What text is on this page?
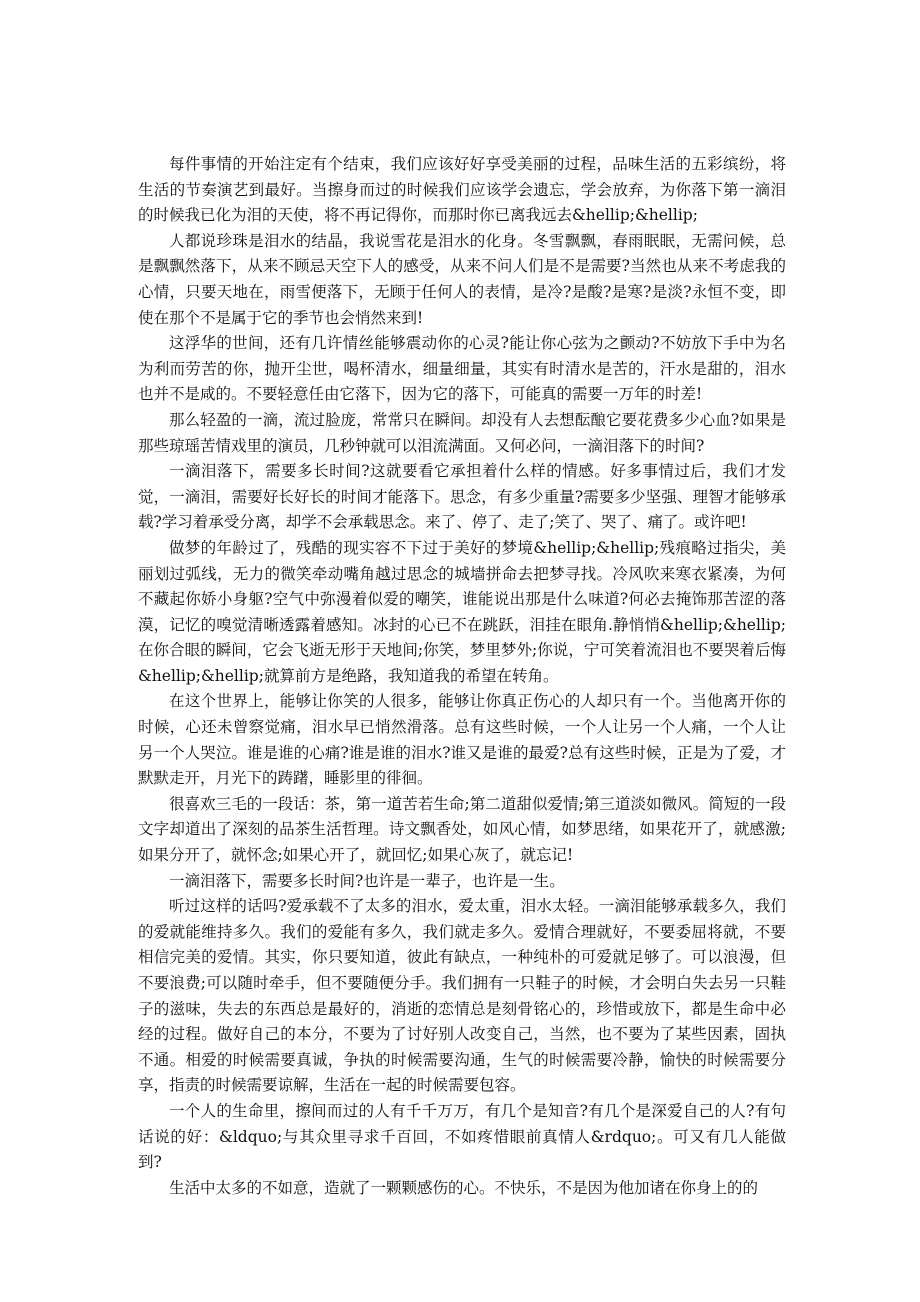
每件事情的开始注定有个结束，我们应该好好享受美丽的过程，品味生活的五彩缤纷，将生活的节奏演艺到最好。当擦身而过的时候我们应该学会遗忘，学会放弃，为你落下第一滴泪的时候我已化为泪的天使，将不再记得你，而那时你已离我远去&hellip;&hellip;

人都说珍珠是泪水的结晶，我说雪花是泪水的化身。冬雪飘飘，春雨眠眠，无需问候，总是飘飘然落下，从来不顾忌天空下人的感受，从来不问人们是不是需要?当然也从来不考虑我的心情，只要天地在，雨雪便落下，无顾于任何人的表情，是冷?是酸?是寒?是淡?永恒不变，即使在那个不是属于它的季节也会悄然来到!

这浮华的世间，还有几许情丝能够震动你的心灵?能让你心弦为之颤动?不妨放下手中为名为利而劳苦的你，抛开尘世，喝杯清水，细量细量，其实有时清水是苦的，汗水是甜的，泪水也并不是咸的。不要轻意任由它落下，因为它的落下，可能真的需要一万年的时差!

那么轻盈的一滴，流过脸庞，常常只在瞬间。却没有人去想酝酿它要花费多少心血?如果是那些琼瑶苦情戏里的演员，几秒钟就可以泪流满面。又何必问，一滴泪落下的时间?

一滴泪落下，需要多长时间?这就要看它承担着什么样的情感。好多事情过后，我们才发觉，一滴泪，需要好长好长的时间才能落下。思念，有多少重量?需要多少坚强、理智才能够承载?学习着承受分离，却学不会承载思念。来了、停了、走了;笑了、哭了、痛了。或许吧!

做梦的年龄过了，残酷的现实容不下过于美好的梦境&hellip;&hellip;残痕略过指尖，美丽划过弧线，无力的微笑牵动嘴角越过思念的城墙拼命去把梦寻找。冷风吹来寒衣紧凑，为何不藏起你娇小身躯?空气中弥漫着似爱的嘲笑，谁能说出那是什么味道?何必去掩饰那苦涩的落漠，记忆的嗅觉清晰透露着感知。冰封的心已不在跳跃，泪挂在眼角.静悄悄&hellip;&hellip;在你合眼的瞬间，它会飞逝无形于天地间;你笑，梦里梦外;你说，宁可笑着流泪也不要哭着后悔&hellip;&hellip;就算前方是绝路，我知道我的希望在转角。

在这个世界上，能够让你笑的人很多，能够让你真正伤心的人却只有一个。当他离开你的时候，心还未曾察觉痛，泪水早已悄然滑落。总有这些时候，一个人让另一个人痛，一个人让另一个人哭泣。谁是谁的心痛?谁是谁的泪水?谁又是谁的最爱?总有这些时候，正是为了爱，才默默走开，月光下的踌躇，睡影里的徘徊。

很喜欢三毛的一段话：茶，第一道苦若生命;第二道甜似爱情;第三道淡如微风。简短的一段文字却道出了深刻的品茶生活哲理。诗文飘香处，如风心情，如梦思绪，如果花开了，就感激;如果分开了，就怀念;如果心开了，就回忆;如果心灰了，就忘记!

一滴泪落下，需要多长时间?也许是一辈子，也许是一生。

听过这样的话吗?爱承载不了太多的泪水，爱太重，泪水太轻。一滴泪能够承载多久，我们的爱就能维持多久。我们的爱能有多久，我们就走多久。爱情合理就好，不要委屈将就，不要相信完美的爱情。其实，你只要知道，彼此有缺点，一种纯朴的可爱就足够了。可以浪漫，但不要浪费;可以随时牵手，但不要随便分手。我们拥有一只鞋子的时候，才会明白失去另一只鞋子的滋味，失去的东西总是最好的，消逝的恋情总是刻骨铭心的，珍惜或放下，都是生命中必经的过程。做好自己的本分，不要为了讨好别人改变自己，当然，也不要为了某些因素，固执不通。相爱的时候需要真诚，争执的时候需要沟通，生气的时候需要冷静，愉快的时候需要分享，指责的时候需要谅解，生活在一起的时候需要包容。

一个人的生命里，擦间而过的人有千千万万，有几个是知音?有几个是深爱自己的人?有句话说的好：&ldquo;与其众里寻求千百回，不如疼惜眼前真情人&rdquo;。可又有几人能做到?

生活中太多的不如意，造就了一颗颗感伤的心。不快乐，不是因为他加诸在你身上的的
